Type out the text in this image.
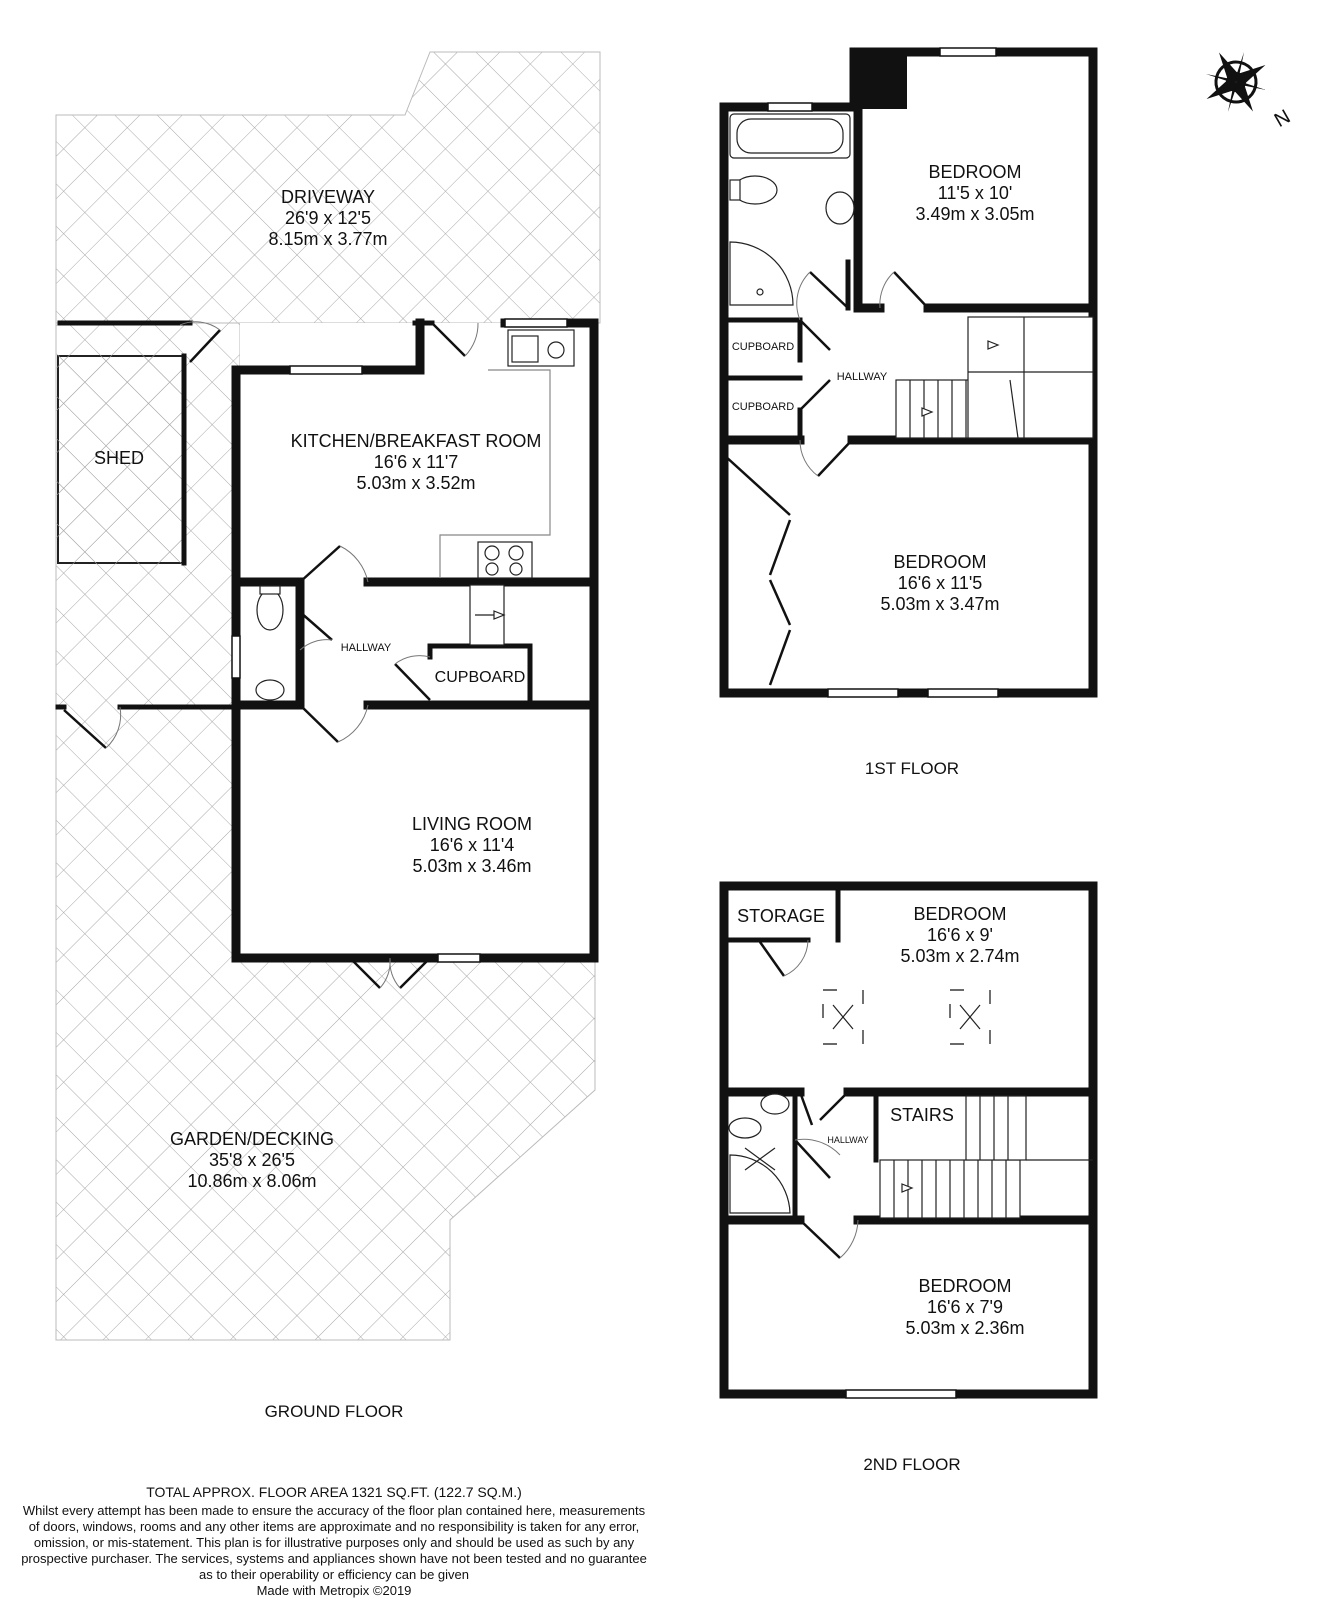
DRIVEWAY
26'9 x 12'5
8.15m x 3.77m
SHED
KITCHEN/BREAKFAST ROOM
16'6 x 11'7
5.03m x 3.52m
HALLWAY
CUPBOARD
LIVING ROOM
16'6 x 11'4
5.03m x 3.46m
GARDEN/DECKING
35'8 x 26'5
10.86m x 8.06m
GROUND FLOOR
BEDROOM
11'5 x 10'
3.49m x 3.05m
CUPBOARD
CUPBOARD
HALLWAY
BEDROOM
16'6 x 11'5
5.03m x 3.47m
1ST FLOOR
STORAGE	BEDROOM
16'6 x 9'
5.03m x 2.74m
STAIRS
HALLWAY
BEDROOM
16'6 x 7'9
5.03m x 2.36m
2ND FLOOR
N
TOTAL APPROX. FLOOR AREA 1321 SQ.FT. (122.7 SQ.M.)
Whilst every attempt has been made to ensure the accuracy of the floor plan contained here, measurements
of doors, windows, rooms and any other items are approximate and no responsibility is taken for any error,
omission, or mis-statement. This plan is for illustrative purposes only and should be used as such by any
prospective purchaser. The services, systems and appliances shown have not been tested and no guarantee
as to their operability or efficiency can be given
Made with Metropix ©2019
